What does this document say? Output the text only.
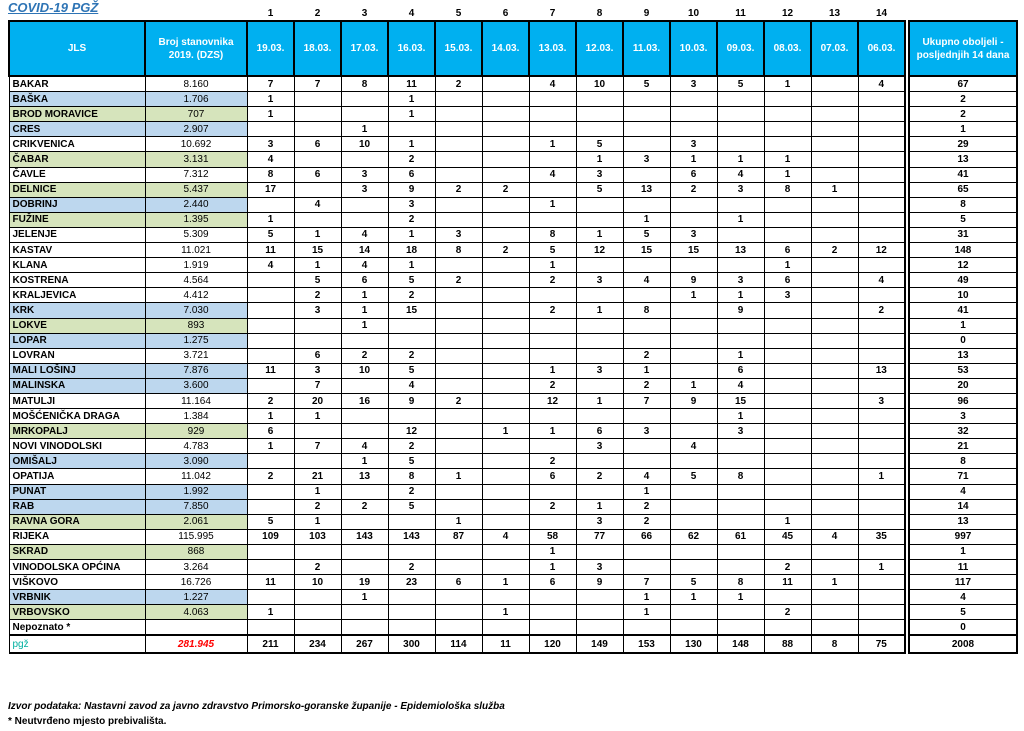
COVID-19 PGŽ
			1	2	3	4	5	6	7	8	9	10	11	12	13	14		
JLS	Broj stanovnika 2019. (DZS)	19.03.	18.03.	17.03.	16.03.	15.03.	14.03.	13.03.	12.03.	11.03.	10.03.	09.03.	08.03.	07.03.	06.03.		Ukupno oboljeli - posljednjih 14 dana
BAKAR	8.160	7	7	8	11	2		4	10	5	3	5	1		4		67
BAŠKA	1.706	1			1												2
BROD MORAVICE	707	1			1												2
CRES	2.907			1													1
CRIKVENICA	10.692	3	6	10	1			1	5		3						29
ČABAR	3.131	4			2				1	3	1	1	1				13
ČAVLE	7.312	8	6	3	6			4	3		6	4	1				41
DELNICE	5.437	17		3	9	2	2		5	13	2	3	8	1			65
DOBRINJ	2.440		4		3			1									8
FUŽINE	1.395	1			2					1		1					5
JELENJE	5.309	5	1	4	1	3		8	1	5	3						31
KASTAV	11.021	11	15	14	18	8	2	5	12	15	15	13	6	2	12		148
KLANA	1.919	4	1	4	1			1					1				12
KOSTRENA	4.564		5	6	5	2		2	3	4	9	3	6		4		49
KRALJEVICA	4.412		2	1	2						1	1	3				10
KRK	7.030		3	1	15			2	1	8		9			2		41
LOKVE	893			1													1
LOPAR	1.275																0
LOVRAN	3.721		6	2	2					2		1					13
MALI LOŠINJ	7.876	11	3	10	5			1	3	1		6			13		53
MALINSKA	3.600		7		4			2		2	1	4					20
MATULJI	11.164	2	20	16	9	2		12	1	7	9	15			3		96
MOŠĆENIČKA DRAGA	1.384	1	1									1					3
MRKOPALJ	929	6			12		1	1	6	3		3					32
NOVI VINODOLSKI	4.783	1	7	4	2				3		4						21
OMIŠALJ	3.090			1	5			2									8
OPATIJA	11.042	2	21	13	8	1		6	2	4	5	8			1		71
PUNAT	1.992		1		2					1							4
RAB	7.850		2	2	5			2	1	2							14
RAVNA GORA	2.061	5	1			1			3	2			1				13
RIJEKA	115.995	109	103	143	143	87	4	58	77	66	62	61	45	4	35		997
SKRAD	868							1									1
VINODOLSKA OPĆINA	3.264		2		2			1	3				2		1		11
VIŠKOVO	16.726	11	10	19	23	6	1	6	9	7	5	8	11	1			117
VRBNIK	1.227			1						1	1	1					4
VRBOVSKO	4.063	1					1			1			2				5
Nepoznato *																	0
pgž	281.945	211	234	267	300	114	11	120	149	153	130	148	88	8	75		2008
Izvor podataka: Nastavni zavod za javno zdravstvo Primorsko-goranske županije - Epidemiološka služba
* Neutvrđeno mjesto prebivališta.
